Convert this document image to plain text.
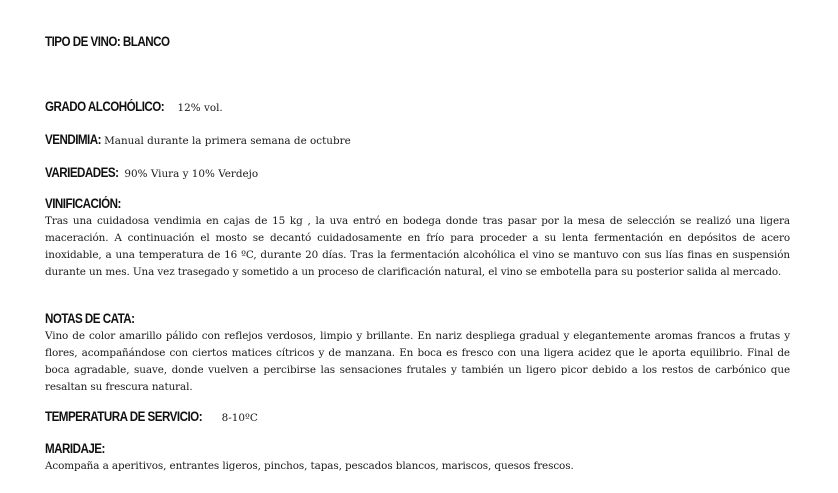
TIPO DE VINO: BLANCO
GRADO ALCOHÓLICO: 12% vol.
VENDIMIA: Manual durante la primera semana de octubre
VARIEDADES: 90% Viura y 10% Verdejo
VINIFICACIÓN:

Tras una cuidadosa vendimia en cajas de 15 kg , la uva entró en bodega donde tras pasar por la mesa de selección se realizó una ligera maceración. A continuación el mosto se decantó cuidadosamente en frío para proceder a su lenta fermentación en depósitos de acero inoxidable, a una temperatura de 16 ºC, durante 20 días. Tras la fermentación alcohólica el vino se mantuvo con sus lías finas en suspensión durante un mes. Una vez trasegado y sometido a un proceso de clarificación natural, el vino se embotella para su posterior salida al mercado.

NOTAS DE CATA:

Vino de color amarillo pálido con reflejos verdosos, limpio y brillante. En nariz despliega gradual y elegantemente aromas francos a frutas y flores, acompañándose con ciertos matices cítricos y de manzana. En boca es fresco con una ligera acidez que le aporta equilibrio. Final de boca agradable, suave, donde vuelven a percibirse las sensaciones frutales y también un ligero picor debido a los restos de carbónico que resaltan su frescura natural.

TEMPERATURA DE SERVICIO: 8-10ºC
MARIDAJE:

Acompaña a aperitivos, entrantes ligeros, pinchos, tapas, pescados blancos, mariscos, quesos frescos.
